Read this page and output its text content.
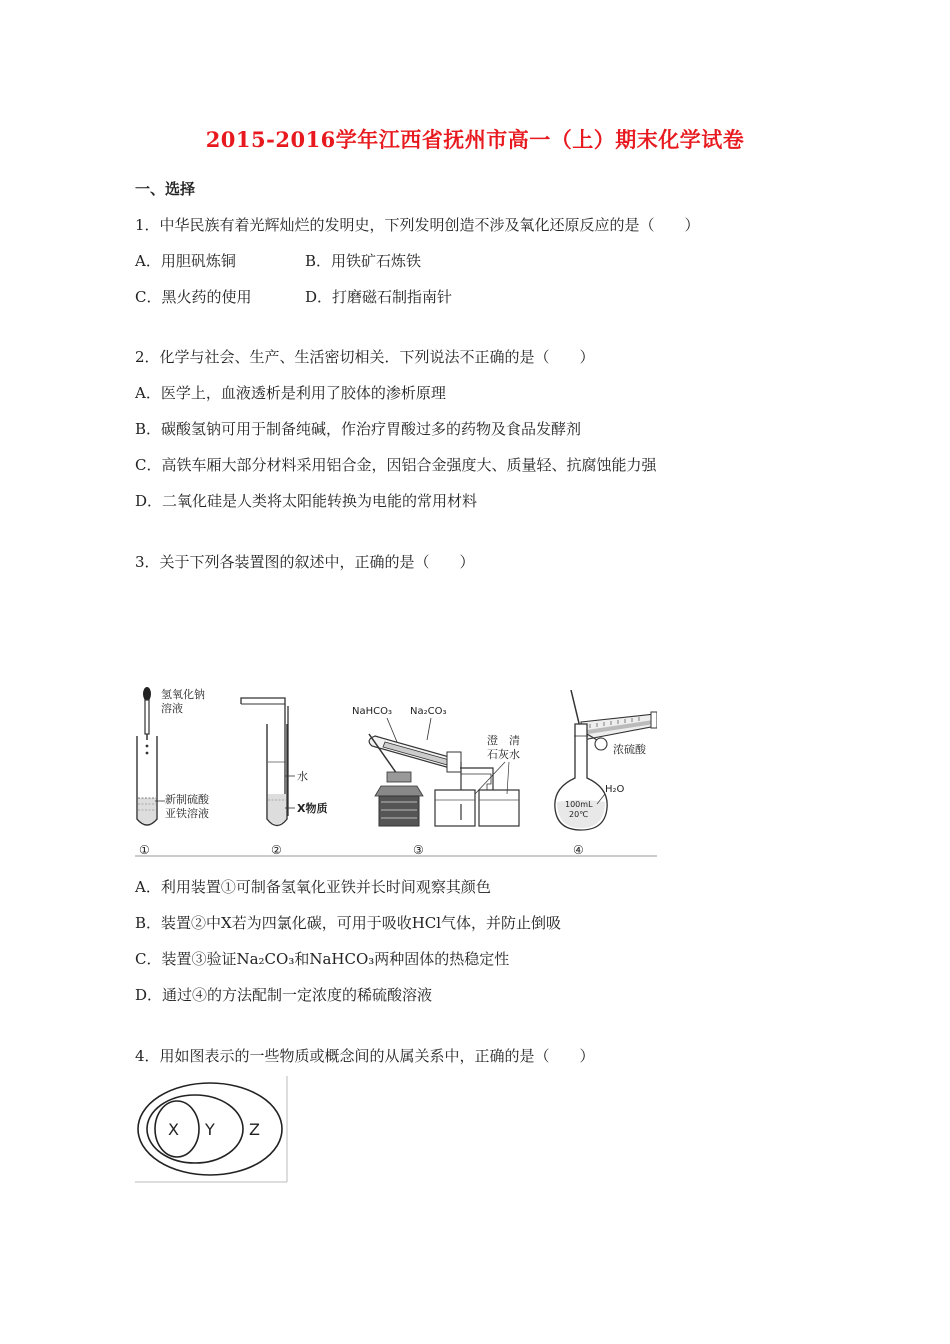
2015-2016学年江西省抚州市高一（上）期末化学试卷
一、选择
1．中华民族有着光辉灿烂的发明史，下列发明创造不涉及氧化还原反应的是（　　）
A．用胆矾炼铜	B．用铁矿石炼铁
C．黑火药的使用	D．打磨磁石制指南针
2．化学与社会、生产、生活密切相关．下列说法不正确的是（　　）
A．医学上，血液透析是利用了胶体的渗析原理
B．碳酸氢钠可用于制备纯碱，作治疗胃酸过多的药物及食品发酵剂
C．高铁车厢大部分材料采用铝合金，因铝合金强度大、质量轻、抗腐蚀能力强
D．二氧化硅是人类将太阳能转换为电能的常用材料
3．关于下列各装置图的叙述中，正确的是（　　）
氢氧化钠
溶液
新制硫酸
亚铁溶液
水
X物质
NaHCO₃ Na₂CO₃
澄　清
石灰水	浓硫酸
100mL
20℃
H₂O
①	②	③	④
A．利用装置①可制备氢氧化亚铁并长时间观察其颜色
B．装置②中X若为四氯化碳，可用于吸收HCl气体，并防止倒吸
C．装置③验证Na₂CO₃和NaHCO₃两种固体的热稳定性
D．通过④的方法配制一定浓度的稀硫酸溶液
4．用如图表示的一些物质或概念间的从属关系中，正确的是（　　）
X Y Z
